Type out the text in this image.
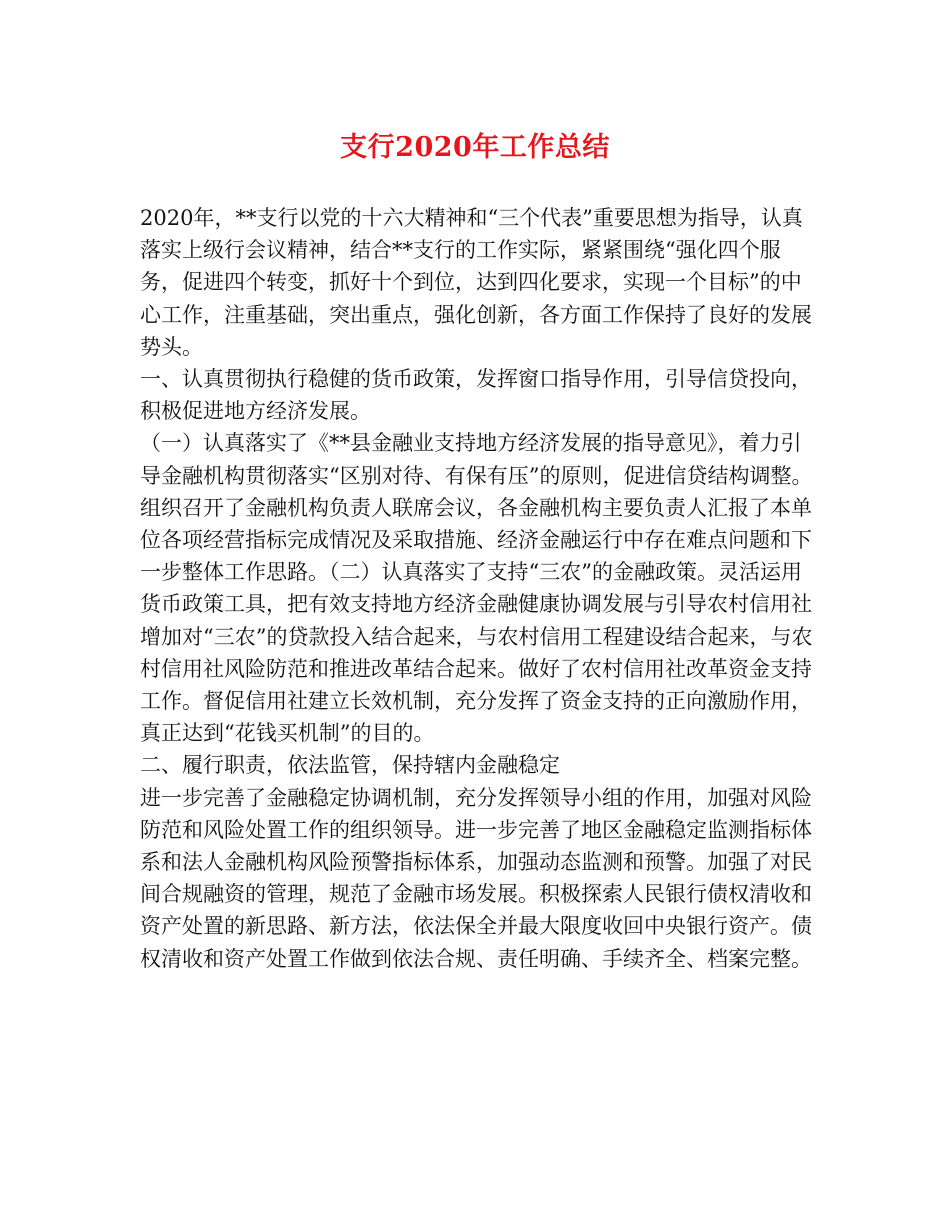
支行2020年工作总结

2020年，**支行以党的十六大精神和“三个代表”重要思想为指导，认真落实上级行会议精神，结合**支行的工作实际，紧紧围绕“强化四个服务，促进四个转变，抓好十个到位，达到四化要求，实现一个目标”的中心工作，注重基础，突出重点，强化创新，各方面工作保持了良好的发展势头。

一、认真贯彻执行稳健的货币政策，发挥窗口指导作用，引导信贷投向，积极促进地方经济发展。

（一）认真落实了《**县金融业支持地方经济发展的指导意见》，着力引导金融机构贯彻落实“区别对待、有保有压”的原则，促进信贷结构调整。组织召开了金融机构负责人联席会议，各金融机构主要负责人汇报了本单位各项经营指标完成情况及采取措施、经济金融运行中存在难点问题和下一步整体工作思路。（二）认真落实了支持“三农”的金融政策。灵活运用货币政策工具，把有效支持地方经济金融健康协调发展与引导农村信用社增加对“三农”的贷款投入结合起来，与农村信用工程建设结合起来，与农村信用社风险防范和推进改革结合起来。做好了农村信用社改革资金支持工作。督促信用社建立长效机制，充分发挥了资金支持的正向激励作用，真正达到“花钱买机制”的目的。

二、履行职责，依法监管，保持辖内金融稳定

进一步完善了金融稳定协调机制，充分发挥领导小组的作用，加强对风险防范和风险处置工作的组织领导。进一步完善了地区金融稳定监测指标体系和法人金融机构风险预警指标体系，加强动态监测和预警。加强了对民间合规融资的管理，规范了金融市场发展。积极探索人民银行债权清收和资产处置的新思路、新方法，依法保全并最大限度收回中央银行资产。债权清收和资产处置工作做到依法合规、责任明确、手续齐全、档案完整。
